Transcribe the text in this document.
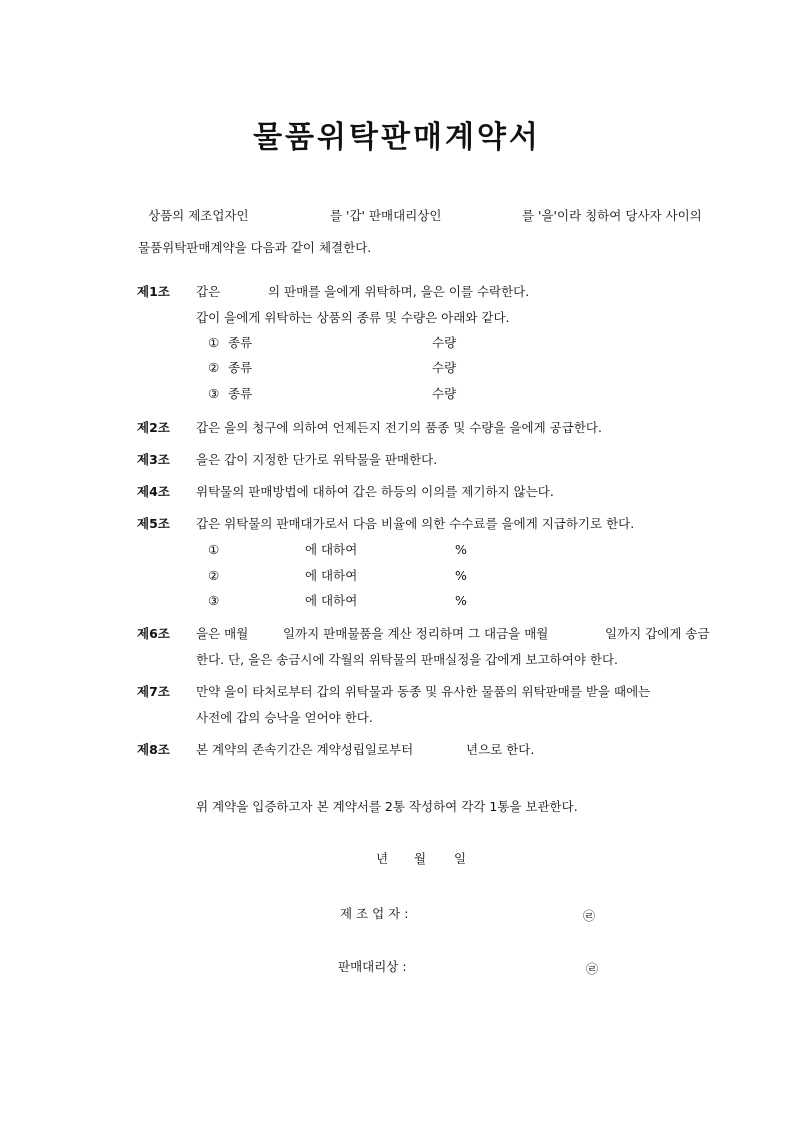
물품위탁판매계약서
상품의 제조업자인	를 '갑' 판매대리상인	를 '을'이라 칭하여 당사자 사이의
물품위탁판매계약을 다음과 같이 체결한다.
제1조 갑은	의 판매를 을에게 위탁하며, 을은 이를 수락한다.
갑이 을에게 위탁하는 상품의 종류 및 수량은 아래와 같다.
① 종류	수량
② 종류	수량
③ 종류	수량
제2조 갑은 을의 청구에 의하여 언제든지 전기의 품종 및 수량을 을에게 공급한다.
제3조 을은 갑이 지정한 단가로 위탁물을 판매한다.
제4조 위탁물의 판매방법에 대하여 갑은 하등의 이의를 제기하지 않는다.
제5조 갑은 위탁물의 판매대가로서 다음 비율에 의한 수수료를 을에게 지급하기로 한다.
①	에 대하여	%
②	에 대하여	%
③	에 대하여	%
제6조 을은 매월	일까지 판매물품을 계산 정리하며 그 대금을 매월	일까지 갑에게 송금
한다. 단, 을은 송금시에 각월의 위탁물의 판매실정을 갑에게 보고하여야 한다.
제7조 만약 을이 타처로부터 갑의 위탁물과 동종 및 유사한 물품의 위탁판매를 받을 때에는
사전에 갑의 승낙을 얻어야 한다.
제8조 본 계약의 존속기간은 계약성립일로부터	년으로 한다.
위 계약을 입증하고자 본 계약서를 2통 작성하여 각각 1통을 보관한다.
년 월 일
제 조 업 자 :	㉣
판매대리상 :	㉣
